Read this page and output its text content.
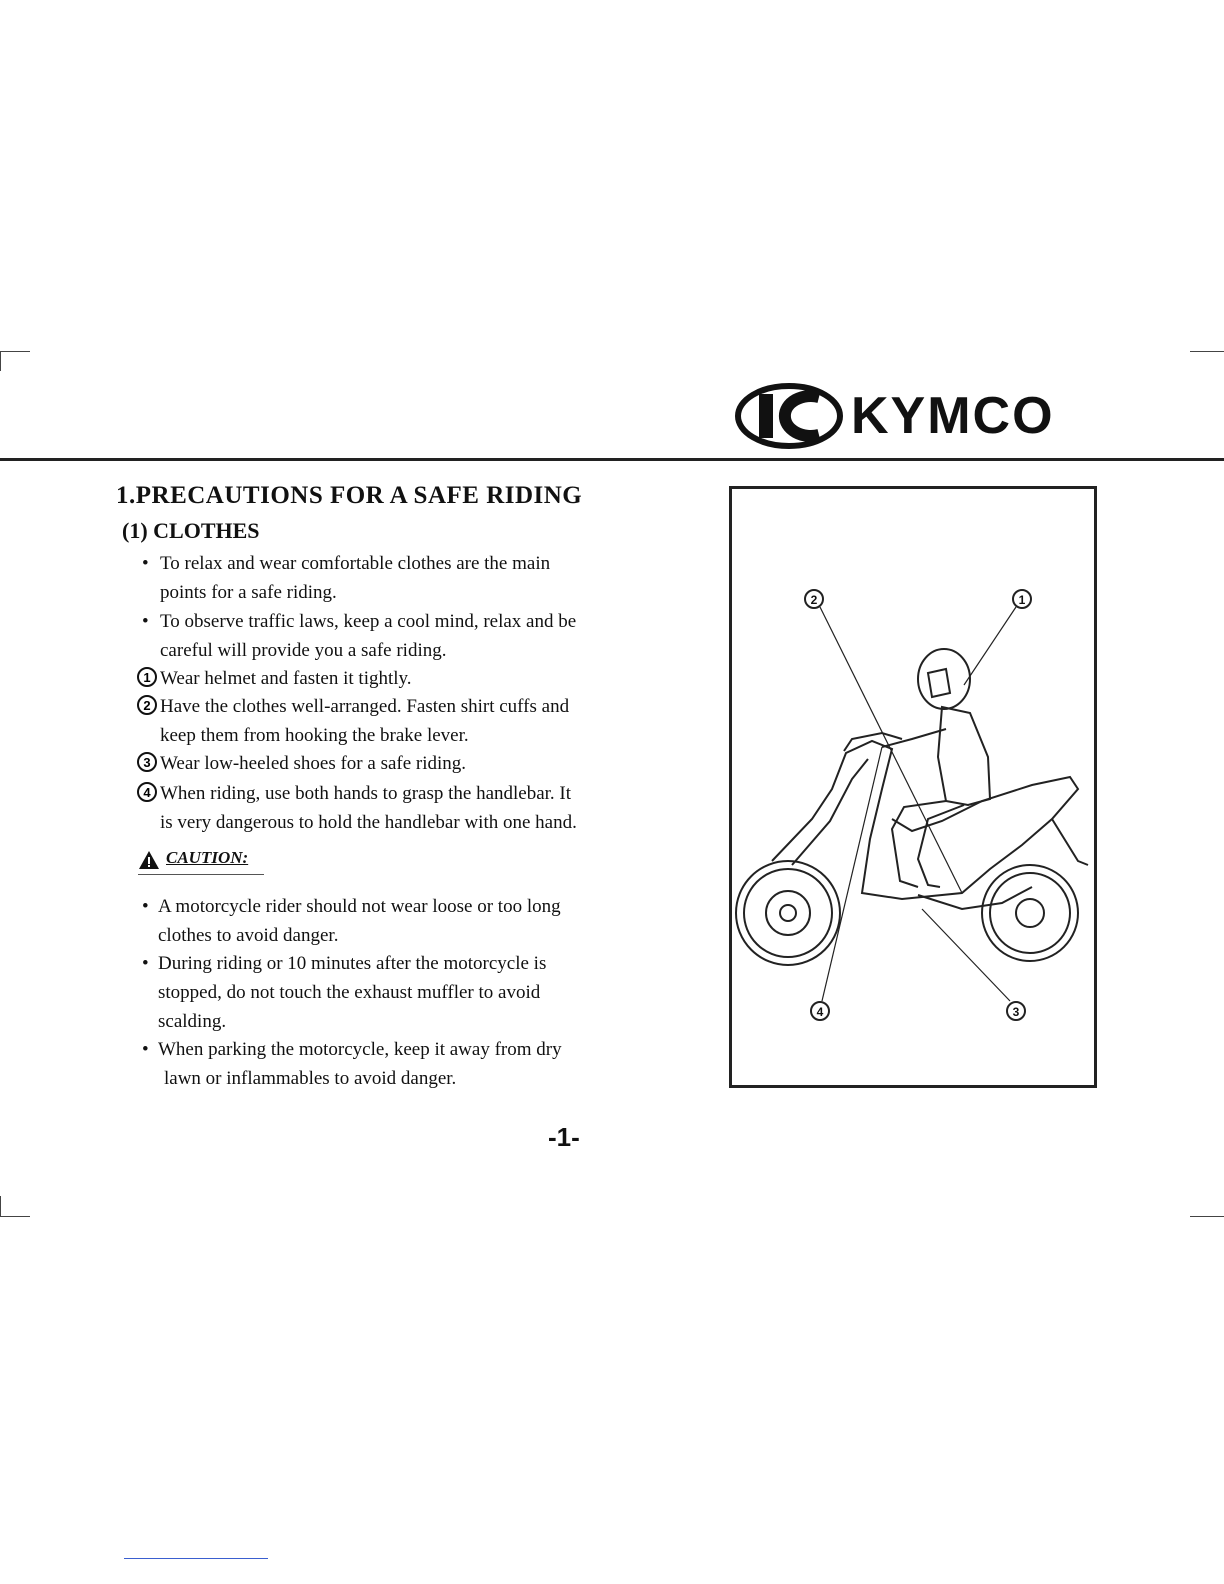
KYMCO
1.PRECAUTIONS FOR A SAFE RIDING
(1) CLOTHES
• To relax and wear comfortable clothes are the main
points for a safe riding.
• To observe traffic laws, keep a cool mind, relax and be
careful will provide you a safe riding.
1 Wear helmet and fasten it tightly.
2 Have the clothes well-arranged. Fasten shirt cuffs and
keep them from hooking the brake lever.
3 Wear low-heeled shoes for a safe riding.
4 When riding, use both hands to grasp the handlebar. It
is very dangerous to hold the handlebar with one hand.
CAUTION:
• A motorcycle rider should not wear loose or too long
clothes to avoid danger.
• During riding or 10 minutes after the motorcycle is
stopped, do not touch the exhaust muffler to avoid
scalding.
• When parking the motorcycle, keep it away from dry
lawn or inflammables to avoid danger.
2	1
4	3
-1-
